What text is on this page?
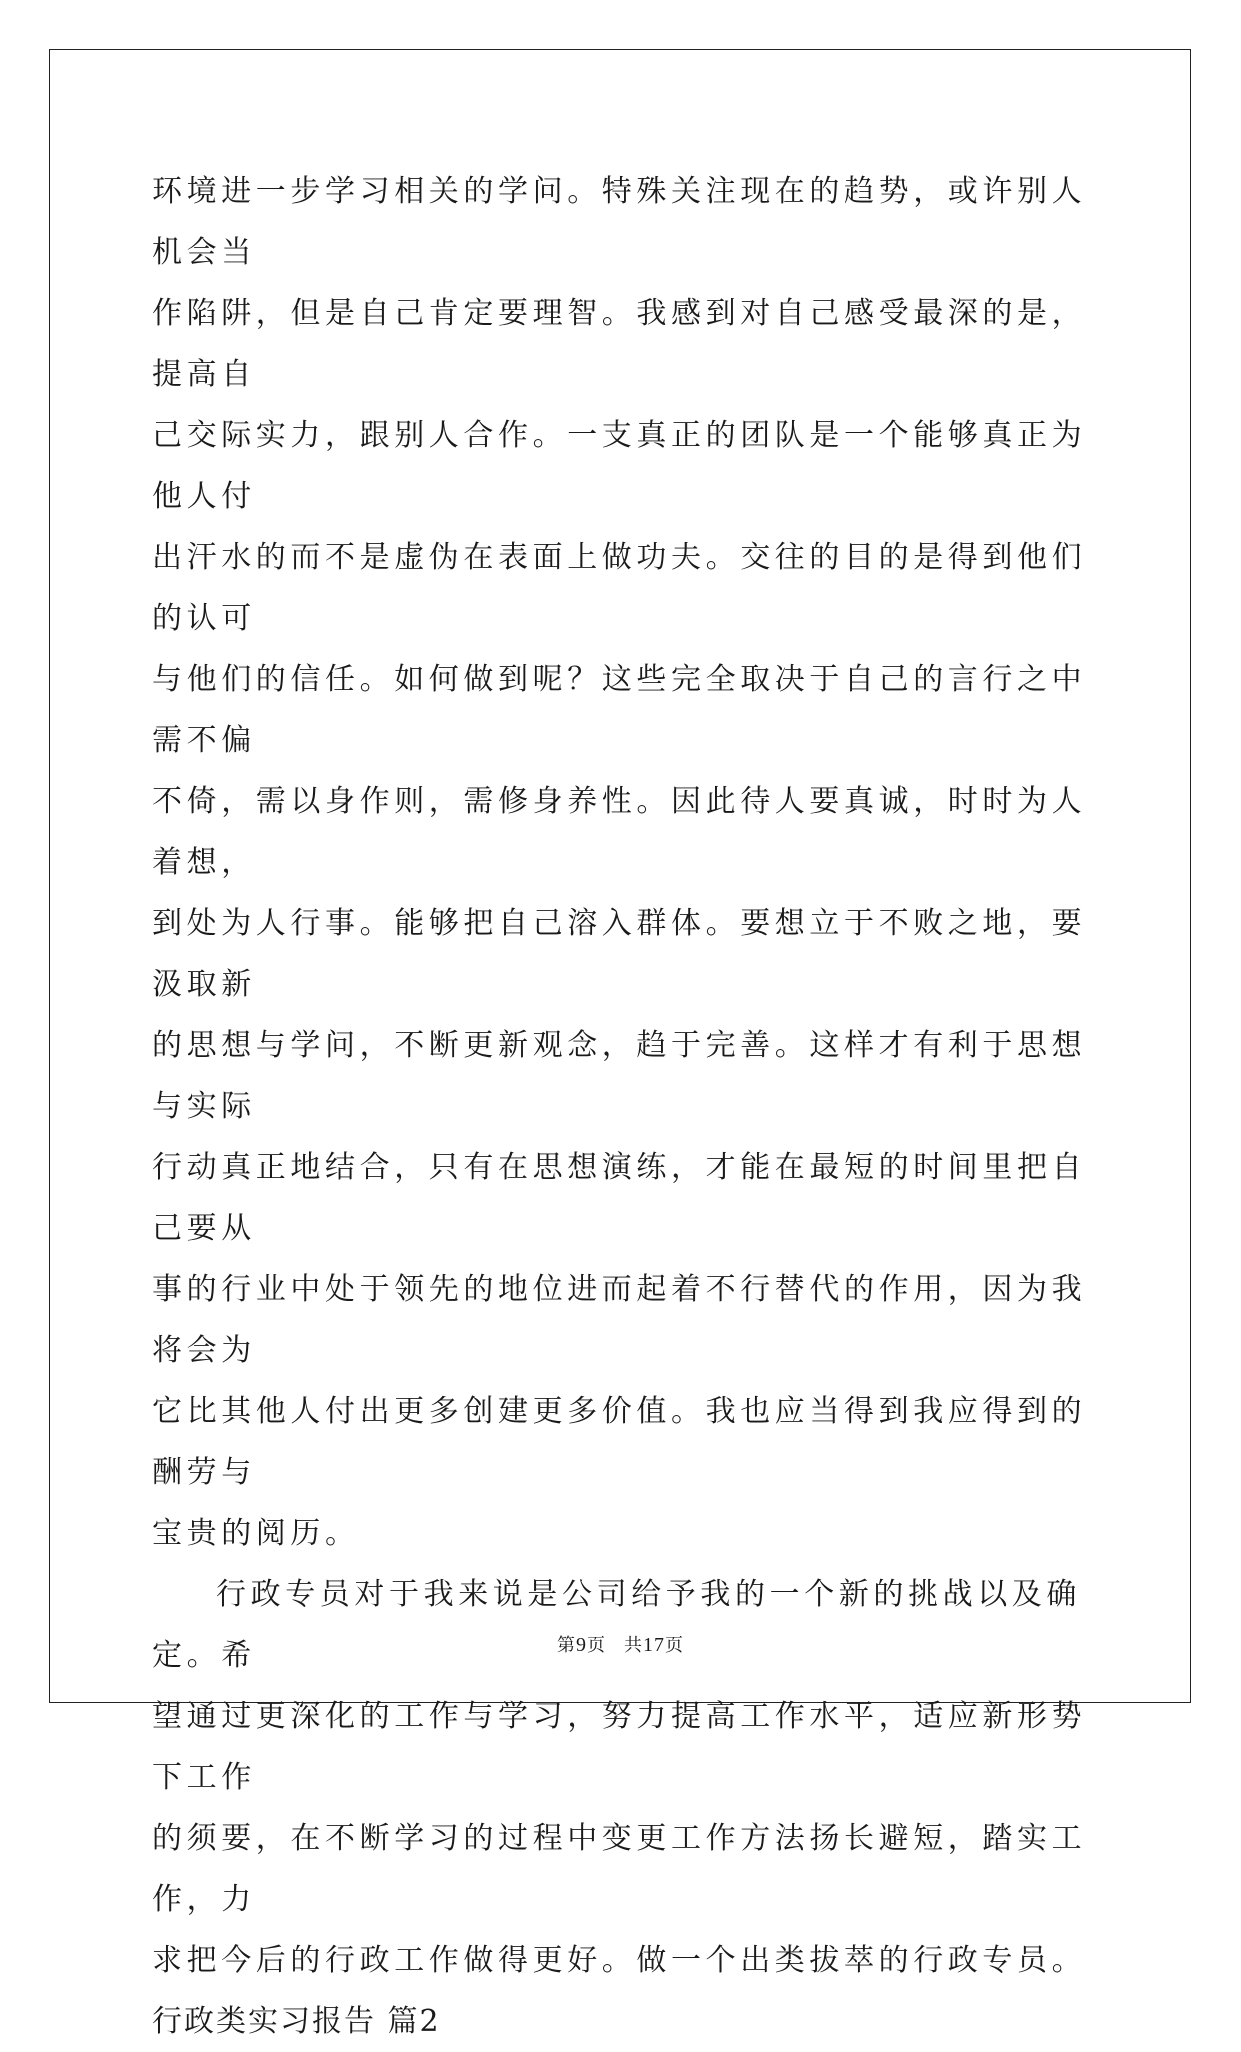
环境进一步学习相关的学问。特殊关注现在的趋势，或许别人机会当
作陷阱，但是自己肯定要理智。我感到对自己感受最深的是，提高自
己交际实力，跟别人合作。一支真正的团队是一个能够真正为他人付
出汗水的而不是虚伪在表面上做功夫。交往的目的是得到他们的认可
与他们的信任。如何做到呢？这些完全取决于自己的言行之中需不偏
不倚，需以身作则，需修身养性。因此待人要真诚，时时为人着想，
到处为人行事。能够把自己溶入群体。要想立于不败之地，要汲取新
的思想与学问，不断更新观念，趋于完善。这样才有利于思想与实际
行动真正地结合，只有在思想演练，才能在最短的时间里把自己要从
事的行业中处于领先的地位进而起着不行替代的作用，因为我将会为
它比其他人付出更多创建更多价值。我也应当得到我应得到的酬劳与
宝贵的阅历。

行政专员对于我来说是公司给予我的一个新的挑战以及确定。希
望通过更深化的工作与学习，努力提高工作水平，适应新形势下工作
的须要，在不断学习的过程中变更工作方法扬长避短，踏实工作，力
求把今后的行政工作做得更好。做一个出类拔萃的行政专员。

行政类实习报告 篇2

第9页 共17页
